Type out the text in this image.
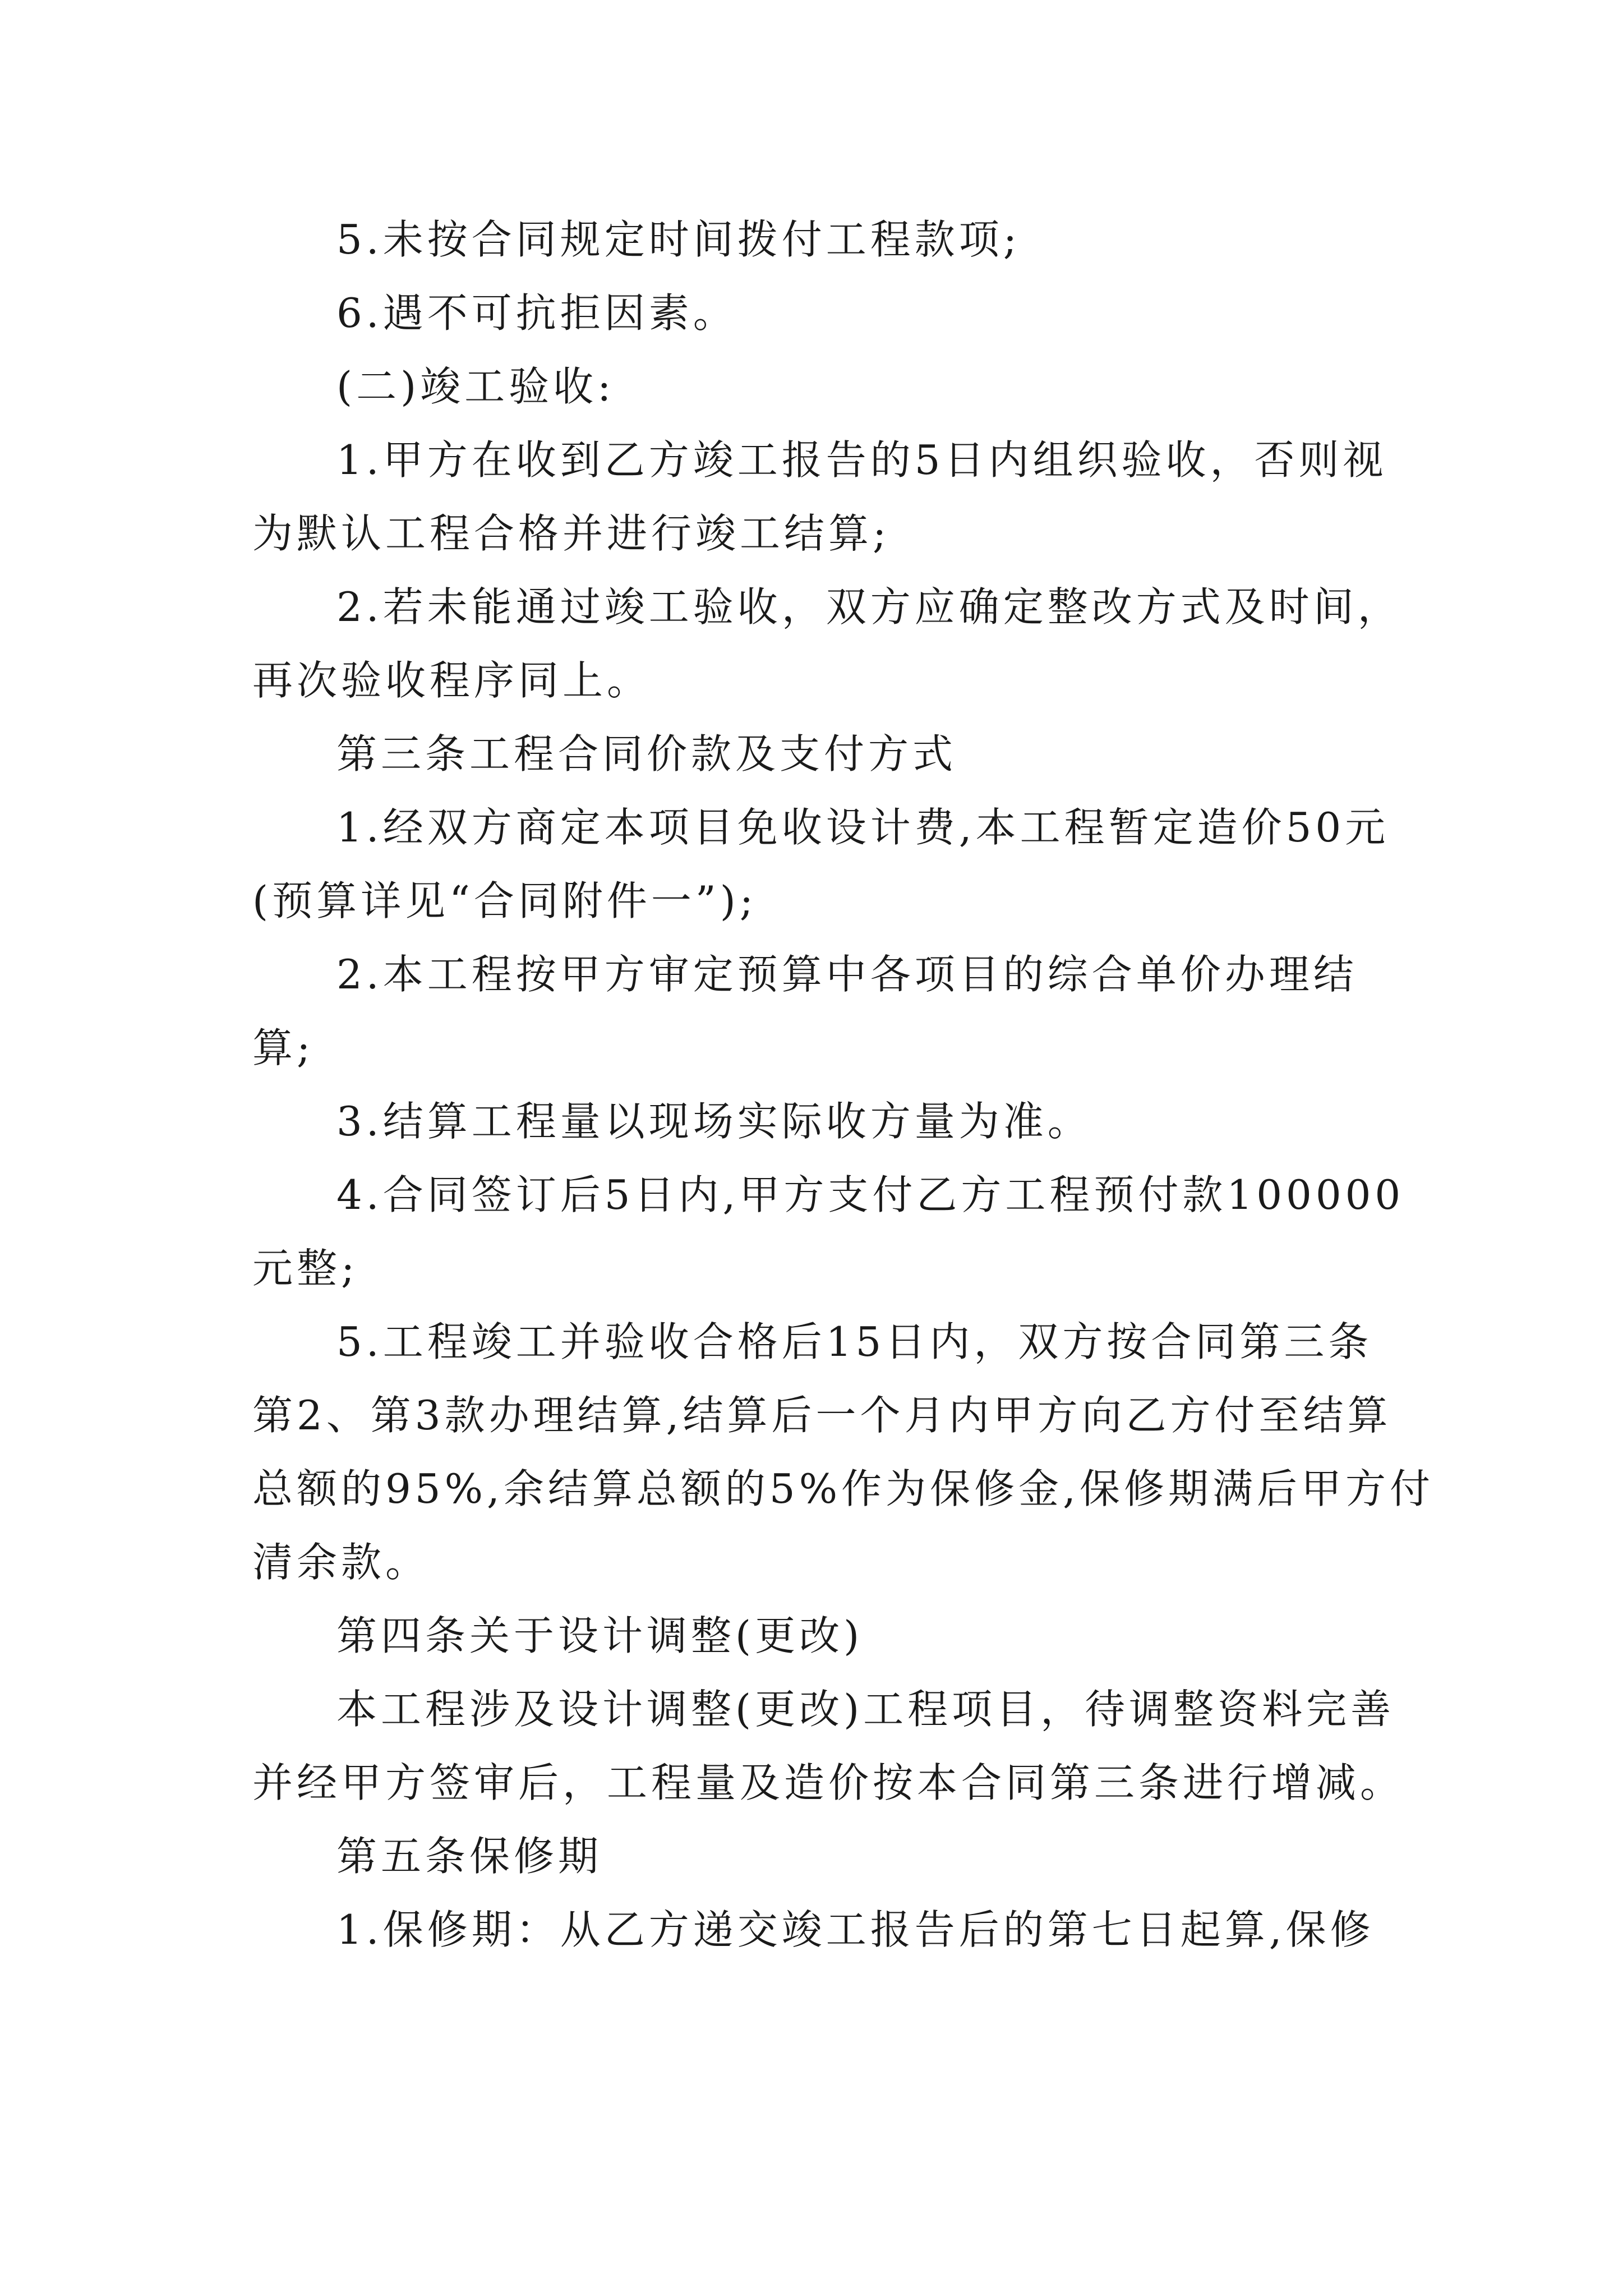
5.未按合同规定时间拨付工程款项;
6.遇不可抗拒因素。
(二)竣工验收:
1.甲方在收到乙方竣工报告的5日内组织验收，否则视
为默认工程合格并进行竣工结算;
2.若未能通过竣工验收，双方应确定整改方式及时间，
再次验收程序同上。
第三条工程合同价款及支付方式
1.经双方商定本项目免收设计费,本工程暂定造价50元
(预算详见“合同附件一”);
2.本工程按甲方审定预算中各项目的综合单价办理结
算;
3.结算工程量以现场实际收方量为准。
4.合同签订后5日内,甲方支付乙方工程预付款100000
元整;
5.工程竣工并验收合格后15日内，双方按合同第三条
第2、第3款办理结算,结算后一个月内甲方向乙方付至结算
总额的95%,余结算总额的5%作为保修金,保修期满后甲方付
清余款。
第四条关于设计调整(更改)
本工程涉及设计调整(更改)工程项目，待调整资料完善
并经甲方签审后，工程量及造价按本合同第三条进行增减。
第五条保修期
1.保修期：从乙方递交竣工报告后的第七日起算,保修
